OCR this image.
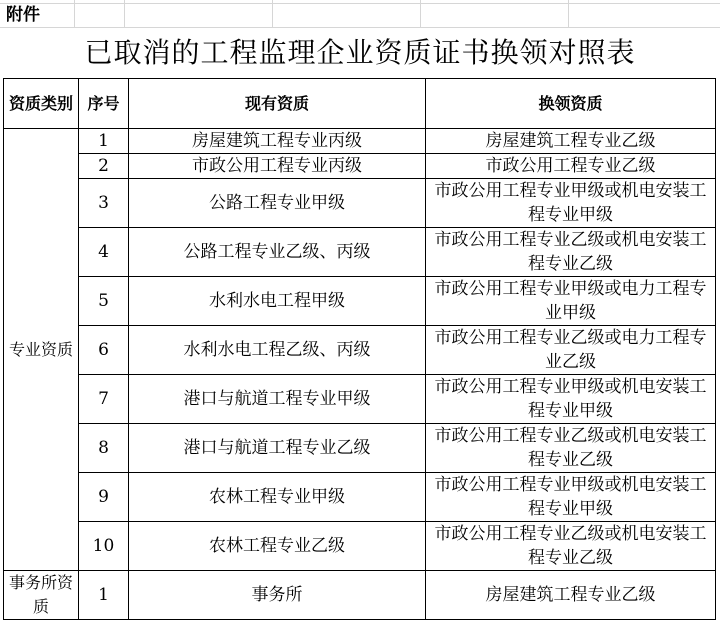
附件
已取消的工程监理企业资质证书换领对照表
资质类别	序号	现有资质	换领资质
专业资质	1	房屋建筑工程专业丙级	房屋建筑工程专业乙级
	2	市政公用工程专业丙级	市政公用工程专业乙级
	3	公路工程专业甲级	市政公用工程专业甲级或机电安装工程专业甲级
	4	公路工程专业乙级、丙级	市政公用工程专业乙级或机电安装工程专业乙级
	5	水利水电工程甲级	市政公用工程专业甲级或电力工程专业甲级
	6	水利水电工程乙级、丙级	市政公用工程专业乙级或电力工程专业乙级
	7	港口与航道工程专业甲级	市政公用工程专业甲级或机电安装工程专业甲级
	8	港口与航道工程专业乙级	市政公用工程专业乙级或机电安装工程专业乙级
	9	农林工程专业甲级	市政公用工程专业甲级或机电安装工程专业甲级
	10	农林工程专业乙级	市政公用工程专业乙级或机电安装工程专业乙级
事务所资质	1	事务所	房屋建筑工程专业乙级
